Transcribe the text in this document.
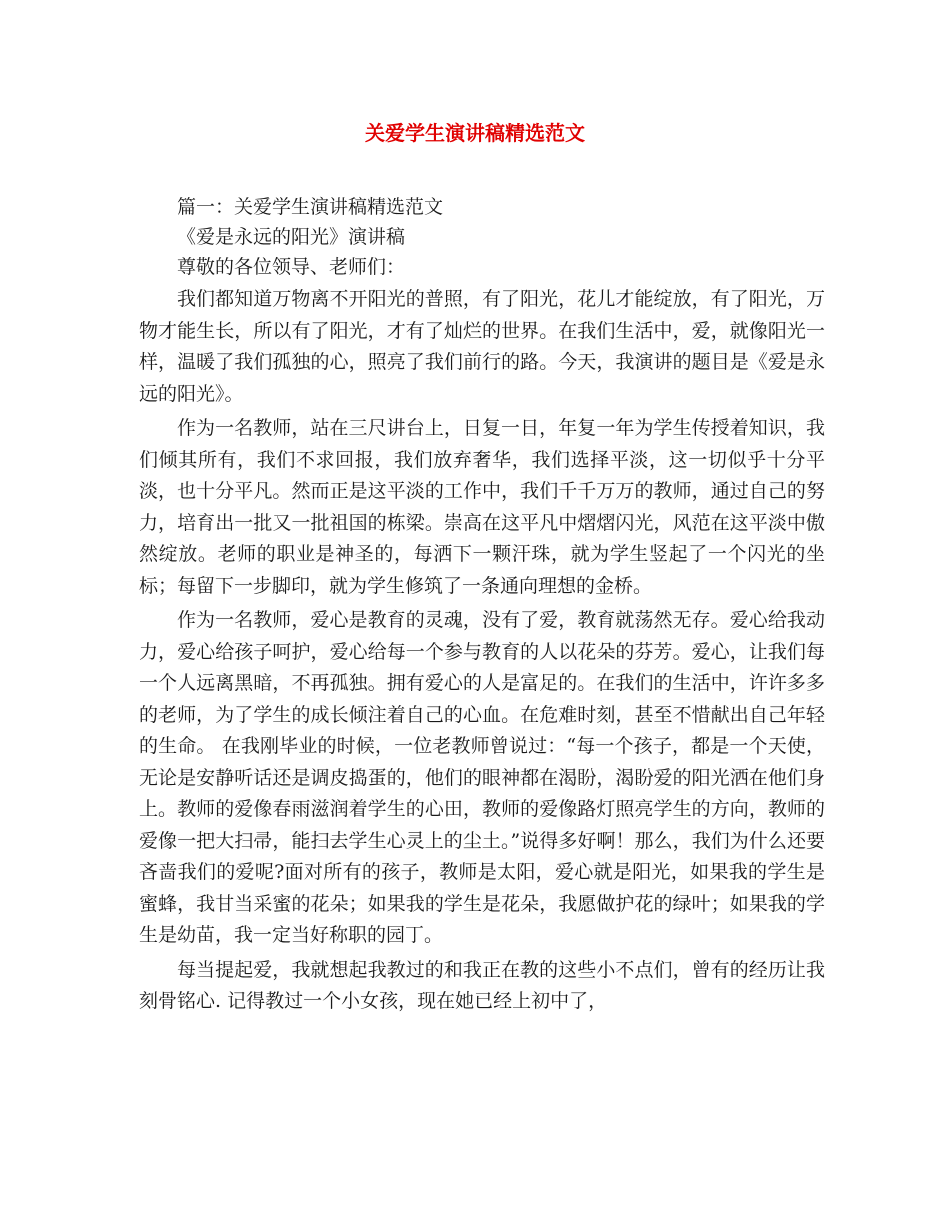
关爱学生演讲稿精选范文
篇一：关爱学生演讲稿精选范文
《爱是永远的阳光》演讲稿
尊敬的各位领导、老师们：

我们都知道万物离不开阳光的普照，有了阳光，花儿才能绽放，有了阳光，万物才能生长，所以有了阳光，才有了灿烂的世界。在我们生活中，爱，就像阳光一样，温暖了我们孤独的心，照亮了我们前行的路。今天，我演讲的题目是《爱是永远的阳光》。

作为一名教师，站在三尺讲台上，日复一日，年复一年为学生传授着知识，我们倾其所有，我们不求回报，我们放弃奢华，我们选择平淡，这一切似乎十分平淡，也十分平凡。然而正是这平淡的工作中，我们千千万万的教师，通过自己的努力，培育出一批又一批祖国的栋梁。崇高在这平凡中熠熠闪光，风范在这平淡中傲然绽放。老师的职业是神圣的，每洒下一颗汗珠，就为学生竖起了一个闪光的坐标；每留下一步脚印，就为学生修筑了一条通向理想的金桥。

作为一名教师，爱心是教育的灵魂，没有了爱，教育就荡然无存。爱心给我动力，爱心给孩子呵护，爱心给每一个参与教育的人以花朵的芬芳。爱心，让我们每一个人远离黑暗，不再孤独。拥有爱心的人是富足的。在我们的生活中，许许多多的老师，为了学生的成长倾注着自己的心血。在危难时刻，甚至不惜献出自己年轻的生命。 在我刚毕业的时候，一位老教师曾说过：“每一个孩子，都是一个天使，无论是安静听话还是调皮捣蛋的，他们的眼神都在渴盼，渴盼爱的阳光洒在他们身上。教师的爱像春雨滋润着学生的心田，教师的爱像路灯照亮学生的方向，教师的爱像一把大扫帚，能扫去学生心灵上的尘土。”说得多好啊！那么，我们为什么还要吝啬我们的爱呢?面对所有的孩子，教师是太阳，爱心就是阳光，如果我的学生是蜜蜂，我甘当采蜜的花朵；如果我的学生是花朵，我愿做护花的绿叶；如果我的学生是幼苗，我一定当好称职的园丁。

每当提起爱，我就想起我教过的和我正在教的这些小不点们，曾有的经历让我刻骨铭心. 记得教过一个小女孩，现在她已经上初中了，
